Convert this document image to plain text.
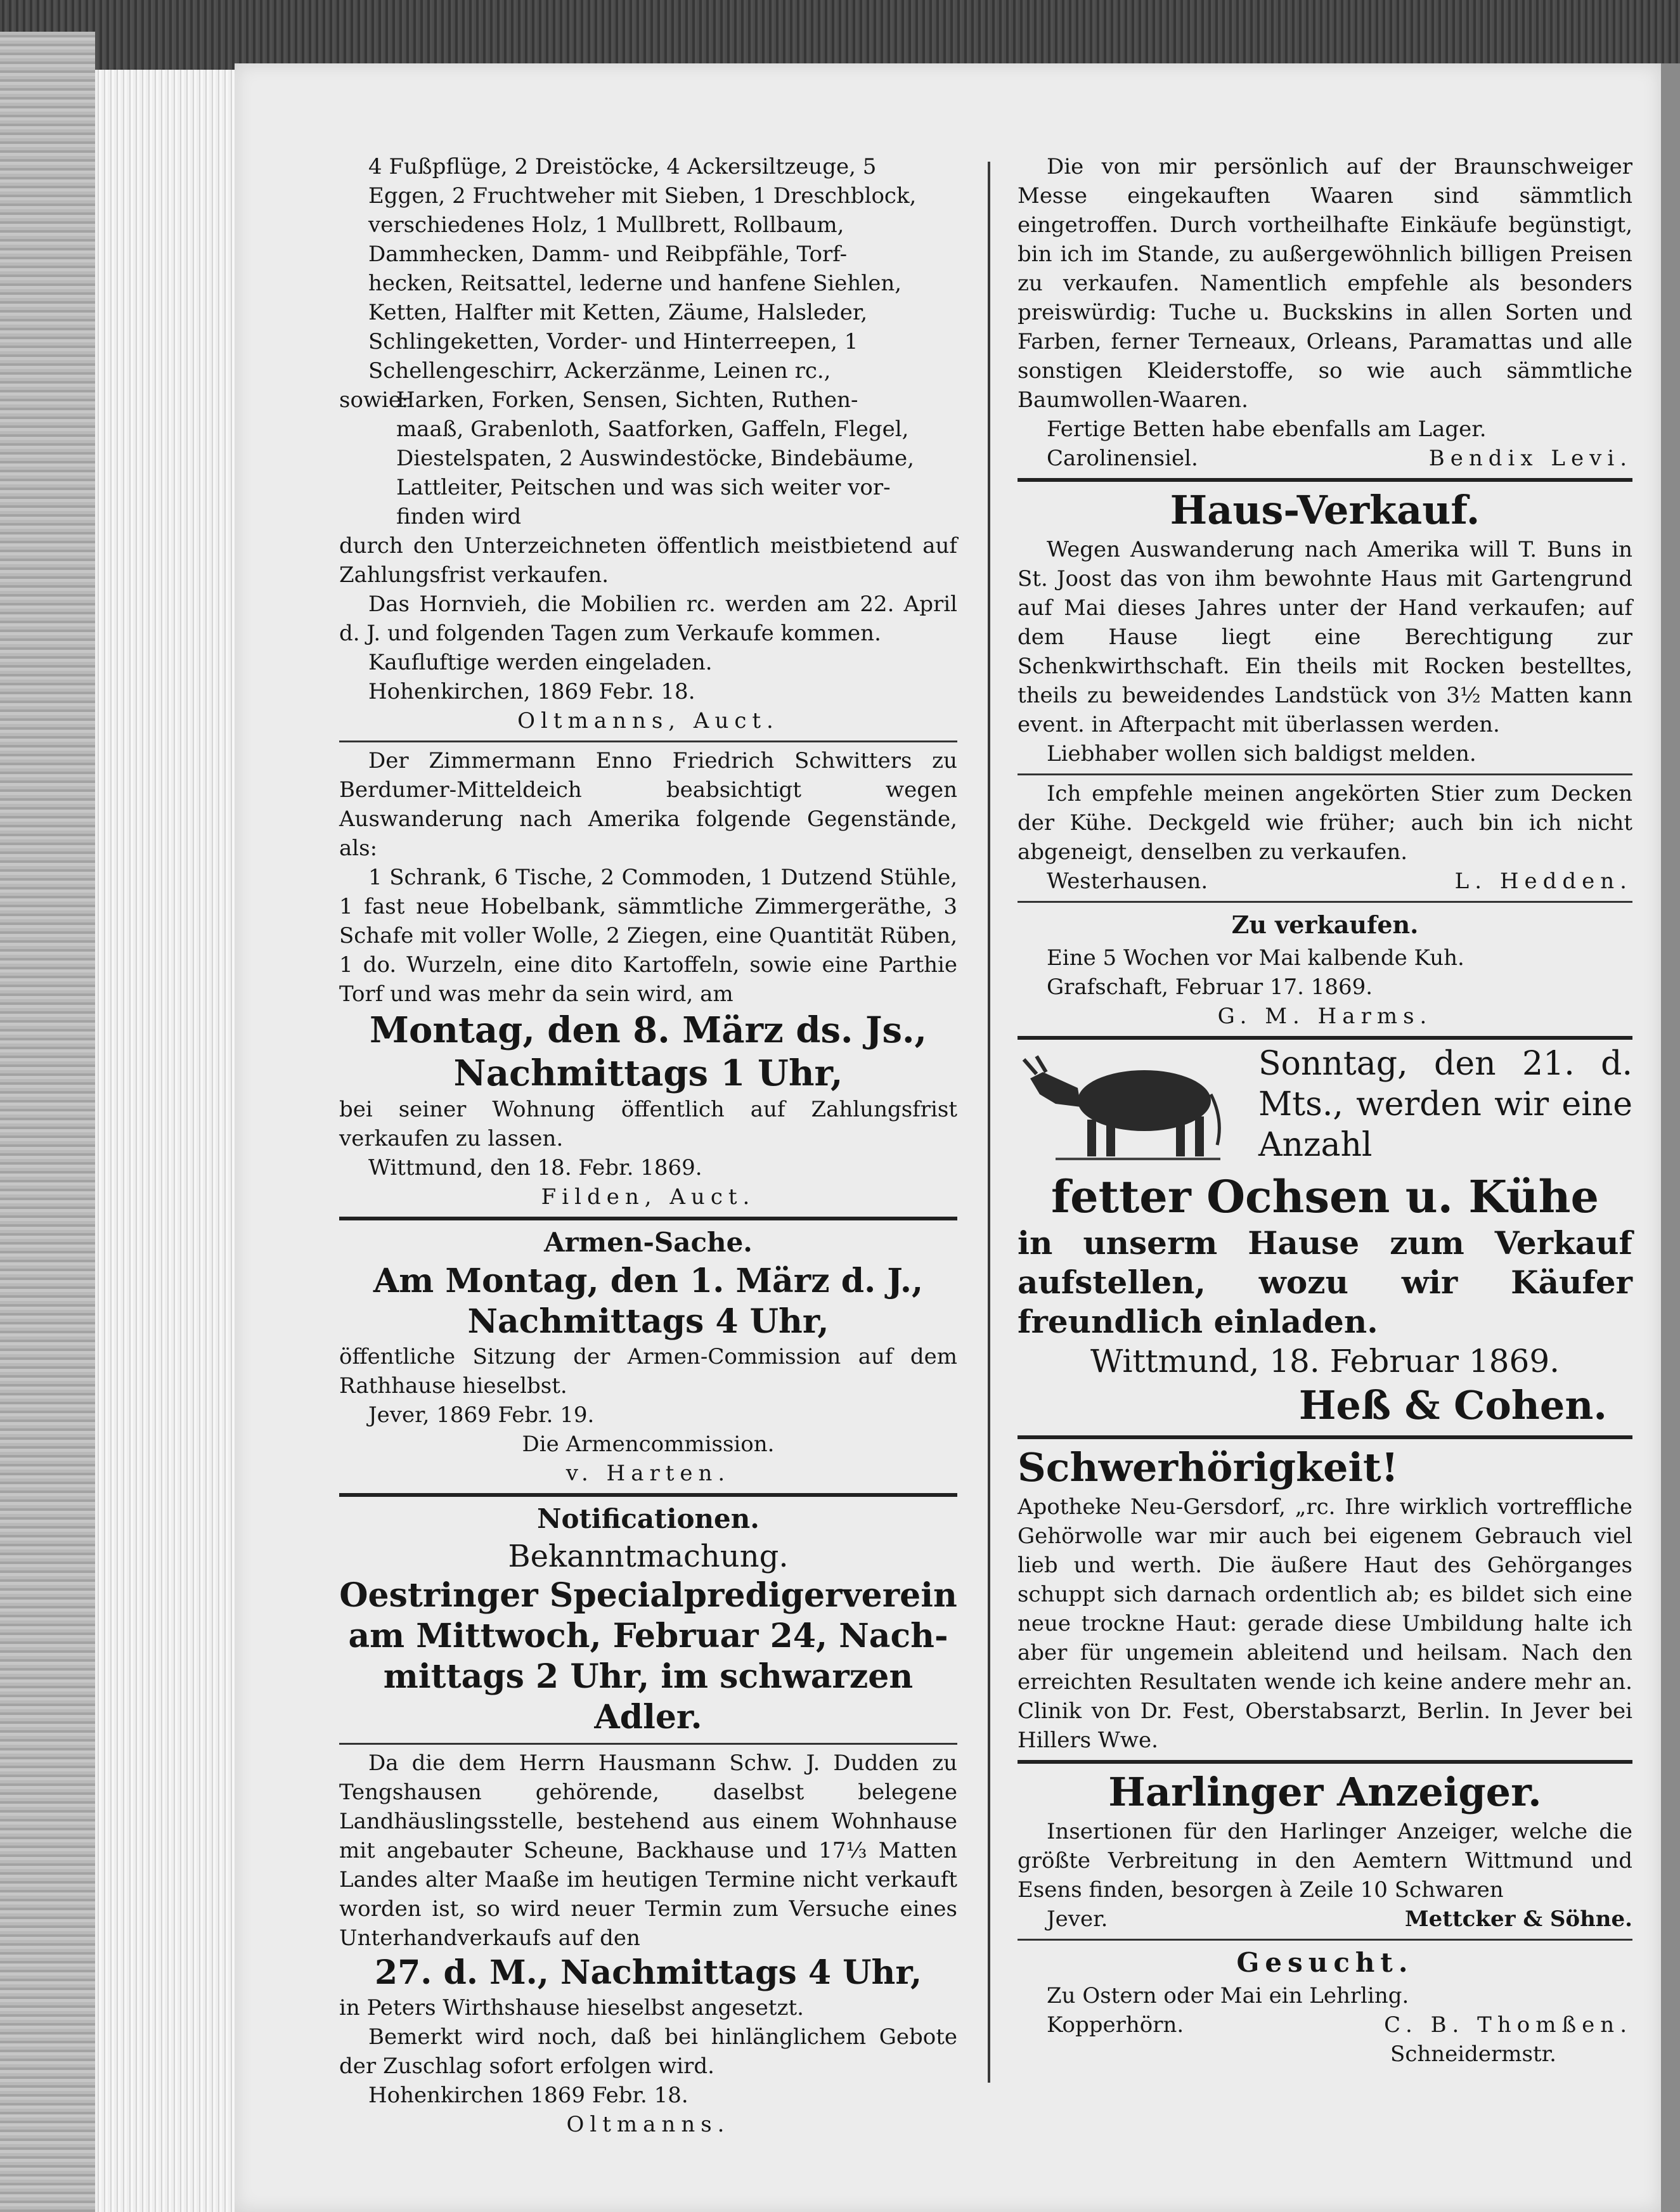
4 Fußpflüge, 2 Dreistöcke, 4 Ackersiltzeuge, 5

Eggen, 2 Fruchtweher mit Sieben, 1 Dreschblock,

verschiedenes Holz, 1 Mullbrett, Rollbaum,

Dammhecken, Damm- und Reibpfähle, Torf-

hecken, Reitsattel, lederne und hanfene Siehlen,

Ketten, Halfter mit Ketten, Zäume, Halsleder,

Schlingeketten, Vorder- und Hinterreepen, 1

Schellengeschirr, Ackerzänme, Leinen rc.,

sowie:

Harken, Forken, Sensen, Sichten, Ruthen-

maaß, Grabenloth, Saatforken, Gaffeln, Flegel,

Diestelspaten, 2 Auswindestöcke, Bindebäume,

Lattleiter, Peitschen und was sich weiter vor-

finden wird

durch den Unterzeichneten öffentlich meistbietend auf Zahlungsfrist verkaufen.

Das Hornvieh, die Mobilien rc. werden am 22. April d. J. und folgenden Tagen zum Verkaufe kommen.

Kaufluftige werden eingeladen.

Hohenkirchen, 1869 Febr. 18.

Oltmanns, Auct.

Der Zimmermann Enno Friedrich Schwitters zu Berdumer-Mitteldeich beabsichtigt wegen Auswanderung nach Amerika folgende Gegenstände, als:

1 Schrank, 6 Tische, 2 Commoden, 1 Dutzend Stühle, 1 fast neue Hobelbank, sämmtliche Zimmergeräthe, 3 Schafe mit voller Wolle, 2 Ziegen, eine Quantität Rüben, 1 do. Wurzeln, eine dito Kartoffeln, sowie eine Parthie Torf und was mehr da sein wird, am

Montag, den 8. März ds. Js.,

Nachmittags 1 Uhr,

bei seiner Wohnung öffentlich auf Zahlungsfrist verkaufen zu lassen.

Wittmund, den 18. Febr. 1869.

Filden, Auct.

Armen-Sache.

Am Montag, den 1. März d. J.,

Nachmittags 4 Uhr,

öffentliche Sitzung der Armen-Commission auf dem Rathhause hieselbst.

Jever, 1869 Febr. 19.

Die Armencommission.

v. Harten.

Notificationen.

Bekanntmachung.

Oestringer Specialpredigerverein

am Mittwoch, Februar 24, Nach-

mittags 2 Uhr, im schwarzen Adler.

Da die dem Herrn Hausmann Schw. J. Dudden zu Tengshausen gehörende, daselbst belegene Landhäuslingsstelle, bestehend aus einem Wohnhause mit angebauter Scheune, Backhause und 17⅓ Matten Landes alter Maaße im heutigen Termine nicht verkauft worden ist, so wird neuer Termin zum Versuche eines Unterhandverkaufs auf den

27. d. M., Nachmittags 4 Uhr,

in Peters Wirthshause hieselbst angesetzt.

Bemerkt wird noch, daß bei hinlänglichem Gebote der Zuschlag sofort erfolgen wird.

Hohenkirchen 1869 Febr. 18.

Oltmanns.

Die von mir persönlich auf der Braunschweiger Messe eingekauften Waaren sind sämmtlich eingetroffen. Durch vortheilhafte Einkäufe begünstigt, bin ich im Stande, zu außergewöhnlich billigen Preisen zu verkaufen. Namentlich empfehle als besonders preiswürdig: Tuche u. Buckskins in allen Sorten und Farben, ferner Terneaux, Orleans, Paramattas und alle sonstigen Kleiderstoffe, so wie auch sämmtliche Baumwollen-Waaren.

Fertige Betten habe ebenfalls am Lager.

Carolinensiel.	Bendix Levi.

Haus-Verkauf.

Wegen Auswanderung nach Amerika will T. Buns in St. Joost das von ihm bewohnte Haus mit Gartengrund auf Mai dieses Jahres unter der Hand verkaufen; auf dem Hause liegt eine Berechtigung zur Schenkwirthschaft. Ein theils mit Rocken bestelltes, theils zu beweidendes Landstück von 3½ Matten kann event. in Afterpacht mit überlassen werden.

Liebhaber wollen sich baldigst melden.

Ich empfehle meinen angekörten Stier zum Decken der Kühe. Deckgeld wie früher; auch bin ich nicht abgeneigt, denselben zu verkaufen.

Westerhausen.	L. Hedden.

Zu verkaufen.

Eine 5 Wochen vor Mai kalbende Kuh.

Grafschaft, Februar 17. 1869.

G. M. Harms.

Sonntag, den 21. d. Mts., werden wir eine Anzahl

fetter Ochsen u. Kühe

in unserm Hause zum Verkauf aufstellen, wozu wir Käufer freundlich einladen.

Wittmund, 18. Februar 1869.

Heß & Cohen.

Schwerhörigkeit!

Apotheke Neu-Gersdorf, „rc. Ihre wirklich vortreffliche Gehörwolle war mir auch bei eigenem Gebrauch viel lieb und werth. Die äußere Haut des Gehörganges schuppt sich darnach ordentlich ab; es bildet sich eine neue trockne Haut: gerade diese Umbildung halte ich aber für ungemein ableitend und heilsam. Nach den erreichten Resultaten wende ich keine andere mehr an. Clinik von Dr. Fest, Oberstabsarzt, Berlin. In Jever bei Hillers Wwe.

Harlinger Anzeiger.

Insertionen für den Harlinger Anzeiger, welche die größte Verbreitung in den Aemtern Wittmund und Esens finden, besorgen à Zeile 10 Schwaren

Jever.	Mettcker & Söhne.

Gesucht.

Zu Ostern oder Mai ein Lehrling.

Kopperhörn.	C. B. Thomßen.

Schneidermstr.
